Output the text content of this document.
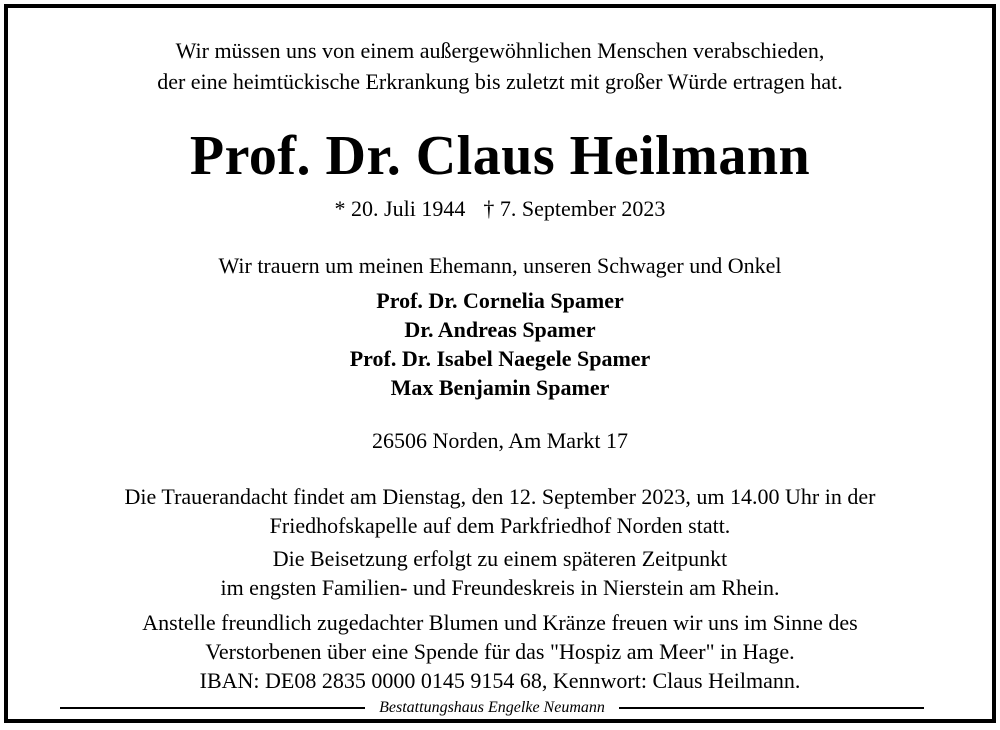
Wir müssen uns von einem außergewöhnlichen Menschen verabschieden,
der eine heimtückische Erkrankung bis zuletzt mit großer Würde ertragen hat.
Prof. Dr. Claus Heilmann
* 20. Juli 1944 † 7. September 2023
Wir trauern um meinen Ehemann, unseren Schwager und Onkel
Prof. Dr. Cornelia Spamer
Dr. Andreas Spamer
Prof. Dr. Isabel Naegele Spamer
Max Benjamin Spamer
26506 Norden, Am Markt 17
Die Trauerandacht findet am Dienstag, den 12. September 2023, um 14.00 Uhr in der
Friedhofskapelle auf dem Parkfriedhof Norden statt.
Die Beisetzung erfolgt zu einem späteren Zeitpunkt
im engsten Familien- und Freundeskreis in Nierstein am Rhein.
Anstelle freundlich zugedachter Blumen und Kränze freuen wir uns im Sinne des
Verstorbenen über eine Spende für das "Hospiz am Meer" in Hage.
IBAN: DE08 2835 0000 0145 9154 68, Kennwort: Claus Heilmann.
Bestattungshaus Engelke Neumann
